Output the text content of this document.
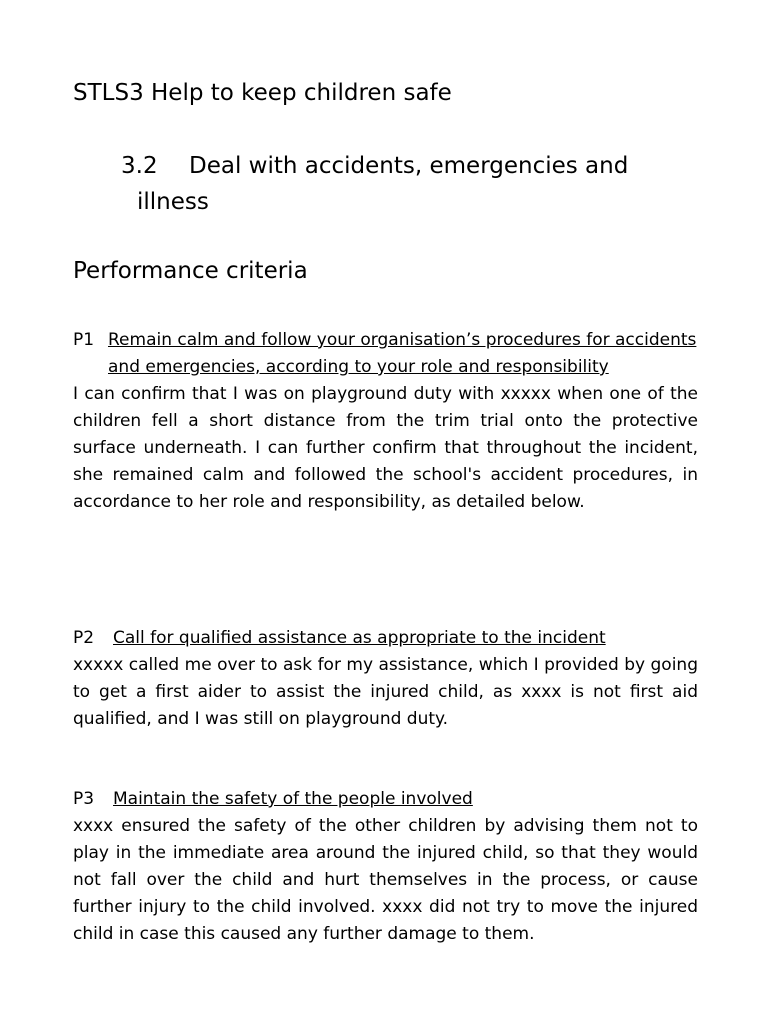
STLS3 Help to keep children safe
3.2 Deal with accidents, emergencies and
illness
Performance criteria
P1 Remain calm and follow your organisation’s procedures for accidents and emergencies, according to your role and responsibility

I can confirm that I was on playground duty with xxxxx when one of the children fell a short distance from the trim trial onto the protective surface underneath. I can further confirm that throughout the incident, she remained calm and followed the school's accident procedures, in accordance to her role and responsibility, as detailed below.

P2	Call for qualified assistance as appropriate to the incident

xxxxx called me over to ask for my assistance, which I provided by going to get a first aider to assist the injured child, as xxxx is not first aid qualified, and I was still on playground duty.

P3	Maintain the safety of the people involved

xxxx ensured the safety of the other children by advising them not to play in the immediate area around the injured child, so that they would not fall over the child and hurt themselves in the process, or cause further injury to the child involved. xxxx did not try to move the injured child in case this caused any further damage to them.
